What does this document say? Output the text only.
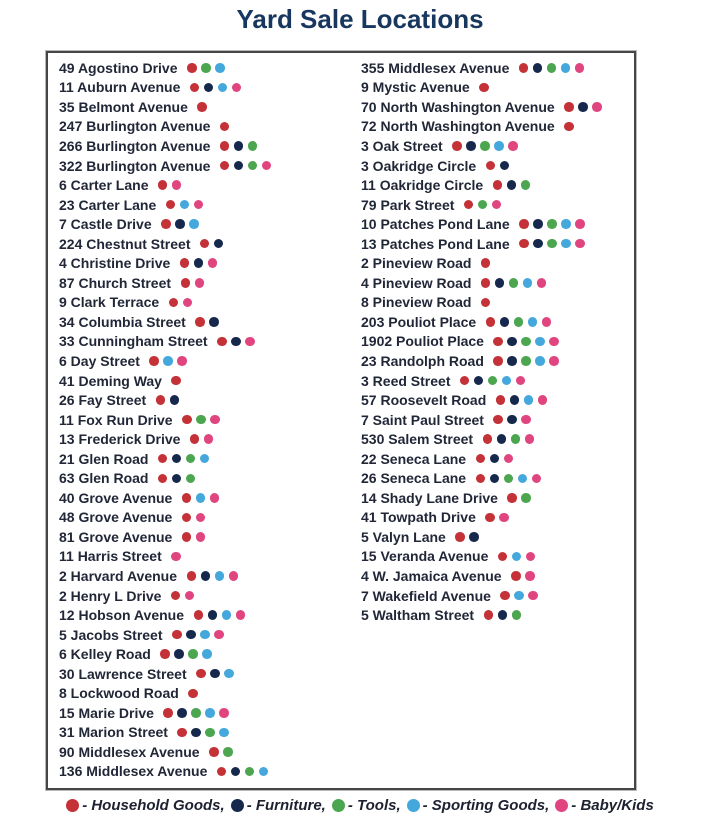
Yard Sale Locations
49 Agostino Drive
11 Auburn Avenue
35 Belmont Avenue
247 Burlington Avenue
266 Burlington Avenue
322 Burlington Avenue
6 Carter Lane
23 Carter Lane
7 Castle Drive
224 Chestnut Street
4 Christine Drive
87 Church Street
9 Clark Terrace
34 Columbia Street
33 Cunningham Street
6 Day Street
41 Deming Way
26 Fay Street
11 Fox Run Drive
13 Frederick Drive
21 Glen Road
63 Glen Road
40 Grove Avenue
48 Grove Avenue
81 Grove Avenue
11 Harris Street
2 Harvard Avenue
2 Henry L Drive
12 Hobson Avenue
5 Jacobs Street
6 Kelley Road
30 Lawrence Street
8 Lockwood Road
15 Marie Drive
31 Marion Street
90 Middlesex Avenue
136 Middlesex Avenue
355 Middlesex Avenue
9 Mystic Avenue
70 North Washington Avenue
72 North Washington Avenue
3 Oak Street
3 Oakridge Circle
11 Oakridge Circle
79 Park Street
10 Patches Pond Lane
13 Patches Pond Lane
2 Pineview Road
4 Pineview Road
8 Pineview Road
203 Pouliot Place
1902 Pouliot Place
23 Randolph Road
3 Reed Street
57 Roosevelt Road
7 Saint Paul Street
530 Salem Street
22 Seneca Lane
26 Seneca Lane
14 Shady Lane Drive
41 Towpath Drive
5 Valyn Lane
15 Veranda Avenue
4 W. Jamaica Avenue
7 Wakefield Avenue
5 Waltham Street
- Household Goods, - Furniture, - Tools, - Sporting Goods, - Baby/Kids
